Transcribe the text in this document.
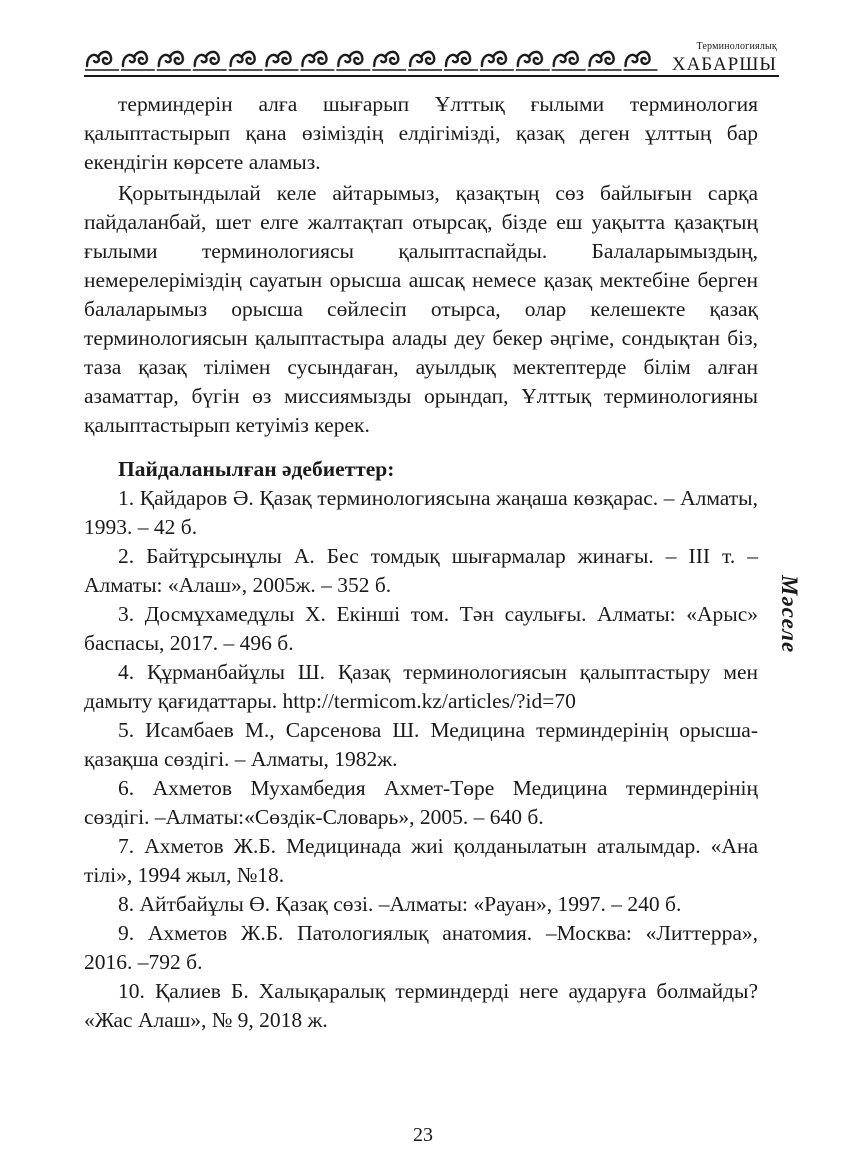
Терминологиялық
ХАБАРШЫ

терминдерін алға шығарып Ұлттық ғылыми терминология қалыптастырып қана өзіміздің елдігімізді, қазақ деген ұлттың бар екендігін көрсете аламыз.

Қорытындылай келе айтарымыз, қазақтың сөз байлығын сарқа пайдаланбай, шет елге жалтақтап отырсақ, бізде еш уақытта қазақтың ғылыми терминологиясы қалыптаспайды. Балаларымыздың, немерелеріміздің сауатын орысша ашсақ немесе қазақ мектебіне берген балаларымыз орысша сөйлесіп отырса, олар келешекте қазақ терминологиясын қалыптастыра алады деу бекер әңгіме, сондықтан біз, таза қазақ тілімен сусындаған, ауылдық мектептерде білім алған азаматтар, бүгін өз миссиямызды орындап, Ұлттық терминологияны қалыптастырып кетуіміз керек.

Пайдаланылған әдебиеттер:

1. Қайдаров Ә. Қазақ терминологиясына жаңаша көзқарас. – Алматы, 1993. – 42 б.
2. Байтұрсынұлы А. Бес томдық шығармалар жинағы. – ІІІ т. – Алматы: «Алаш», 2005ж. – 352 б.
3. Досмұхамедұлы Х. Екінші том. Тән саулығы. Алматы: «Арыс» баспасы, 2017. – 496 б.
4. Құрманбайұлы Ш. Қазақ терминологиясын қалыптастыру мен дамыту қағидаттары. http://termicom.kz/articles/?id=70
5. Исамбаев М., Сарсенова Ш. Медицина терминдерінің орысша-қазақша сөздігі. – Алматы, 1982ж.
6. Ахметов Мухамбедия Ахмет-Төре Медицина терминдерінің сөздігі. –Алматы:«Сөздік-Словарь», 2005. – 640 б.
7. Ахметов Ж.Б. Медицинада жиі қолданылатын аталымдар. «Ана тілі», 1994 жыл, №18.
8. Айтбайұлы Ө. Қазақ сөзі. –Алматы: «Рауан», 1997. – 240 б.
9. Ахметов Ж.Б. Патологиялық анатомия. –Москва: «Литтерра», 2016. –792 б.
10. Қалиев Б. Халықаралық терминдерді неге аударуға болмайды? «Жас Алаш», № 9, 2018 ж.
Мәселе
23
